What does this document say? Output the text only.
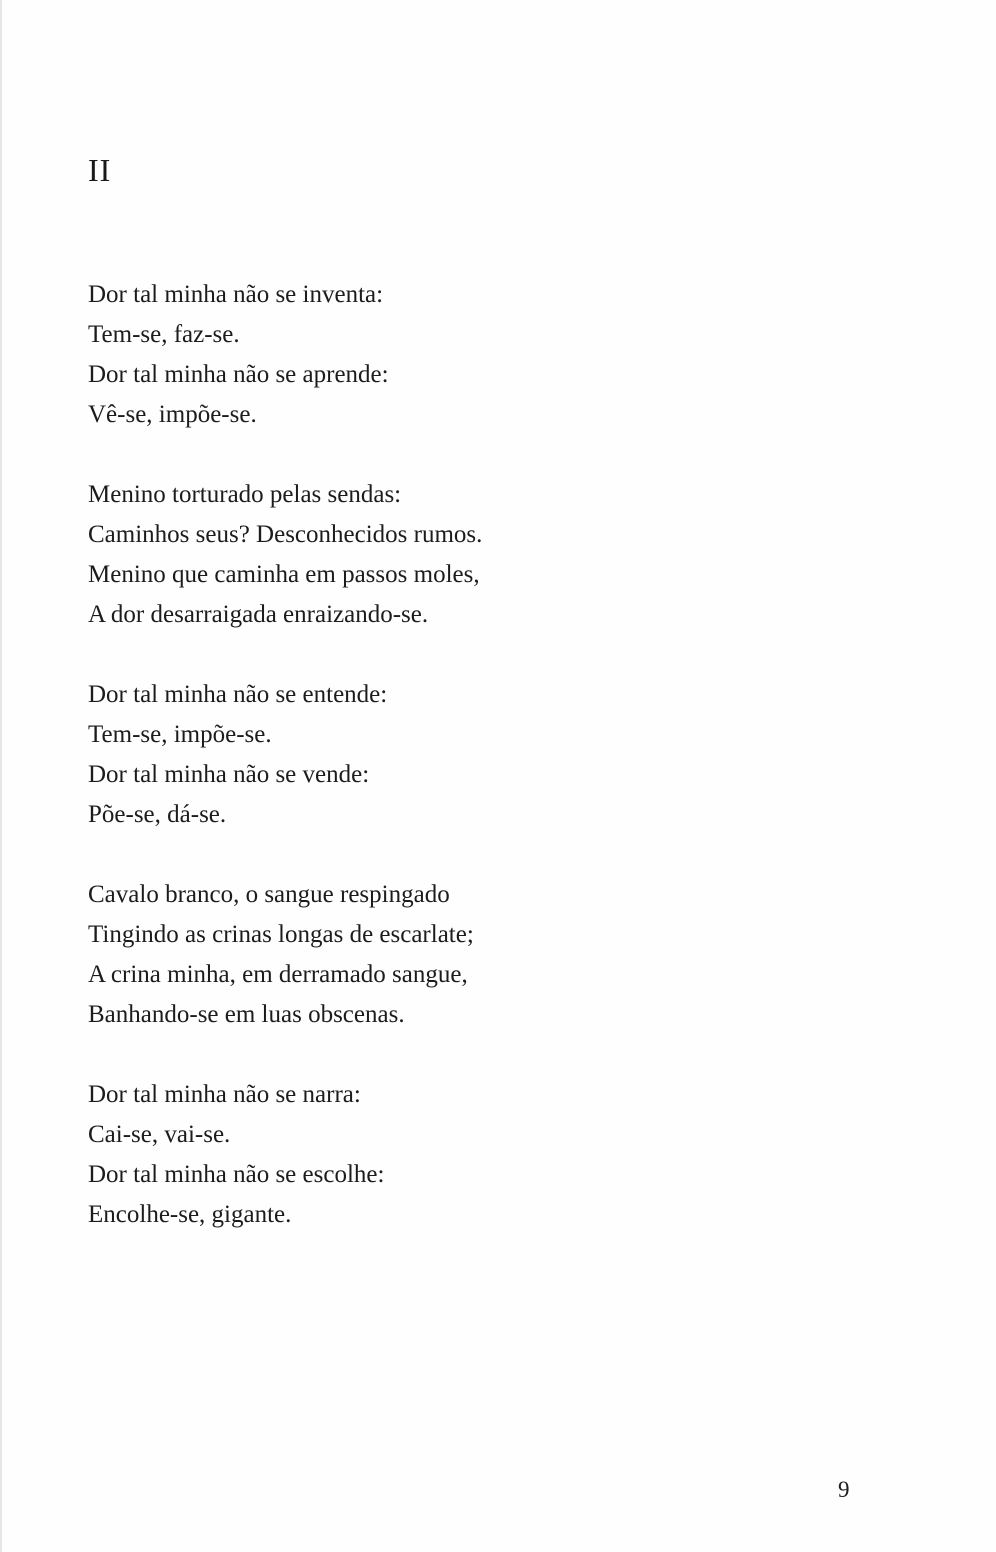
II
Dor tal minha não se inventa:
Tem-se, faz-se.
Dor tal minha não se aprende:
Vê-se, impõe-se.
Menino torturado pelas sendas:
Caminhos seus? Desconhecidos rumos.
Menino que caminha em passos moles,
A dor desarraigada enraizando-se.
Dor tal minha não se entende:
Tem-se, impõe-se.
Dor tal minha não se vende:
Põe-se, dá-se.
Cavalo branco, o sangue respingado
Tingindo as crinas longas de escarlate;
A crina minha, em derramado sangue,
Banhando-se em luas obscenas.
Dor tal minha não se narra:
Cai-se, vai-se.
Dor tal minha não se escolhe:
Encolhe-se, gigante.

9
